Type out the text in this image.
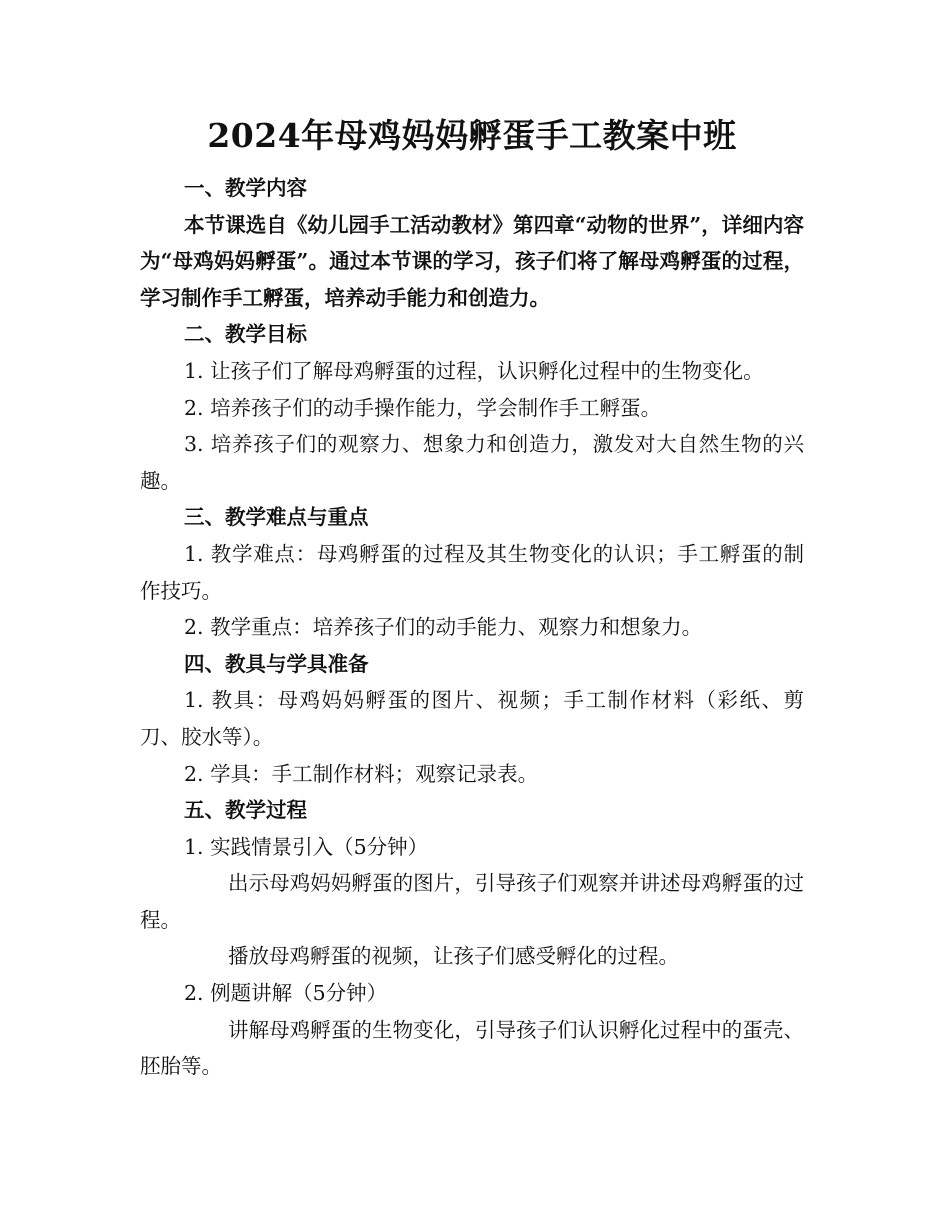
2024年母鸡妈妈孵蛋手工教案中班

一、教学内容

本节课选自《幼儿园手工活动教材》第四章“动物的世界”，详细内容为“母鸡妈妈孵蛋”。通过本节课的学习，孩子们将了解母鸡孵蛋的过程，学习制作手工孵蛋，培养动手能力和创造力。

二、教学目标

1. 让孩子们了解母鸡孵蛋的过程，认识孵化过程中的生物变化。

2. 培养孩子们的动手操作能力，学会制作手工孵蛋。

3. 培养孩子们的观察力、想象力和创造力，激发对大自然生物的兴趣。

三、教学难点与重点

1. 教学难点：母鸡孵蛋的过程及其生物变化的认识；手工孵蛋的制作技巧。

2. 教学重点：培养孩子们的动手能力、观察力和想象力。

四、教具与学具准备

1. 教具：母鸡妈妈孵蛋的图片、视频；手工制作材料（彩纸、剪刀、胶水等）。

2. 学具：手工制作材料；观察记录表。

五、教学过程

1. 实践情景引入（5分钟）

出示母鸡妈妈孵蛋的图片，引导孩子们观察并讲述母鸡孵蛋的过程。

播放母鸡孵蛋的视频，让孩子们感受孵化的过程。

2. 例题讲解（5分钟）

讲解母鸡孵蛋的生物变化，引导孩子们认识孵化过程中的蛋壳、胚胎等。
